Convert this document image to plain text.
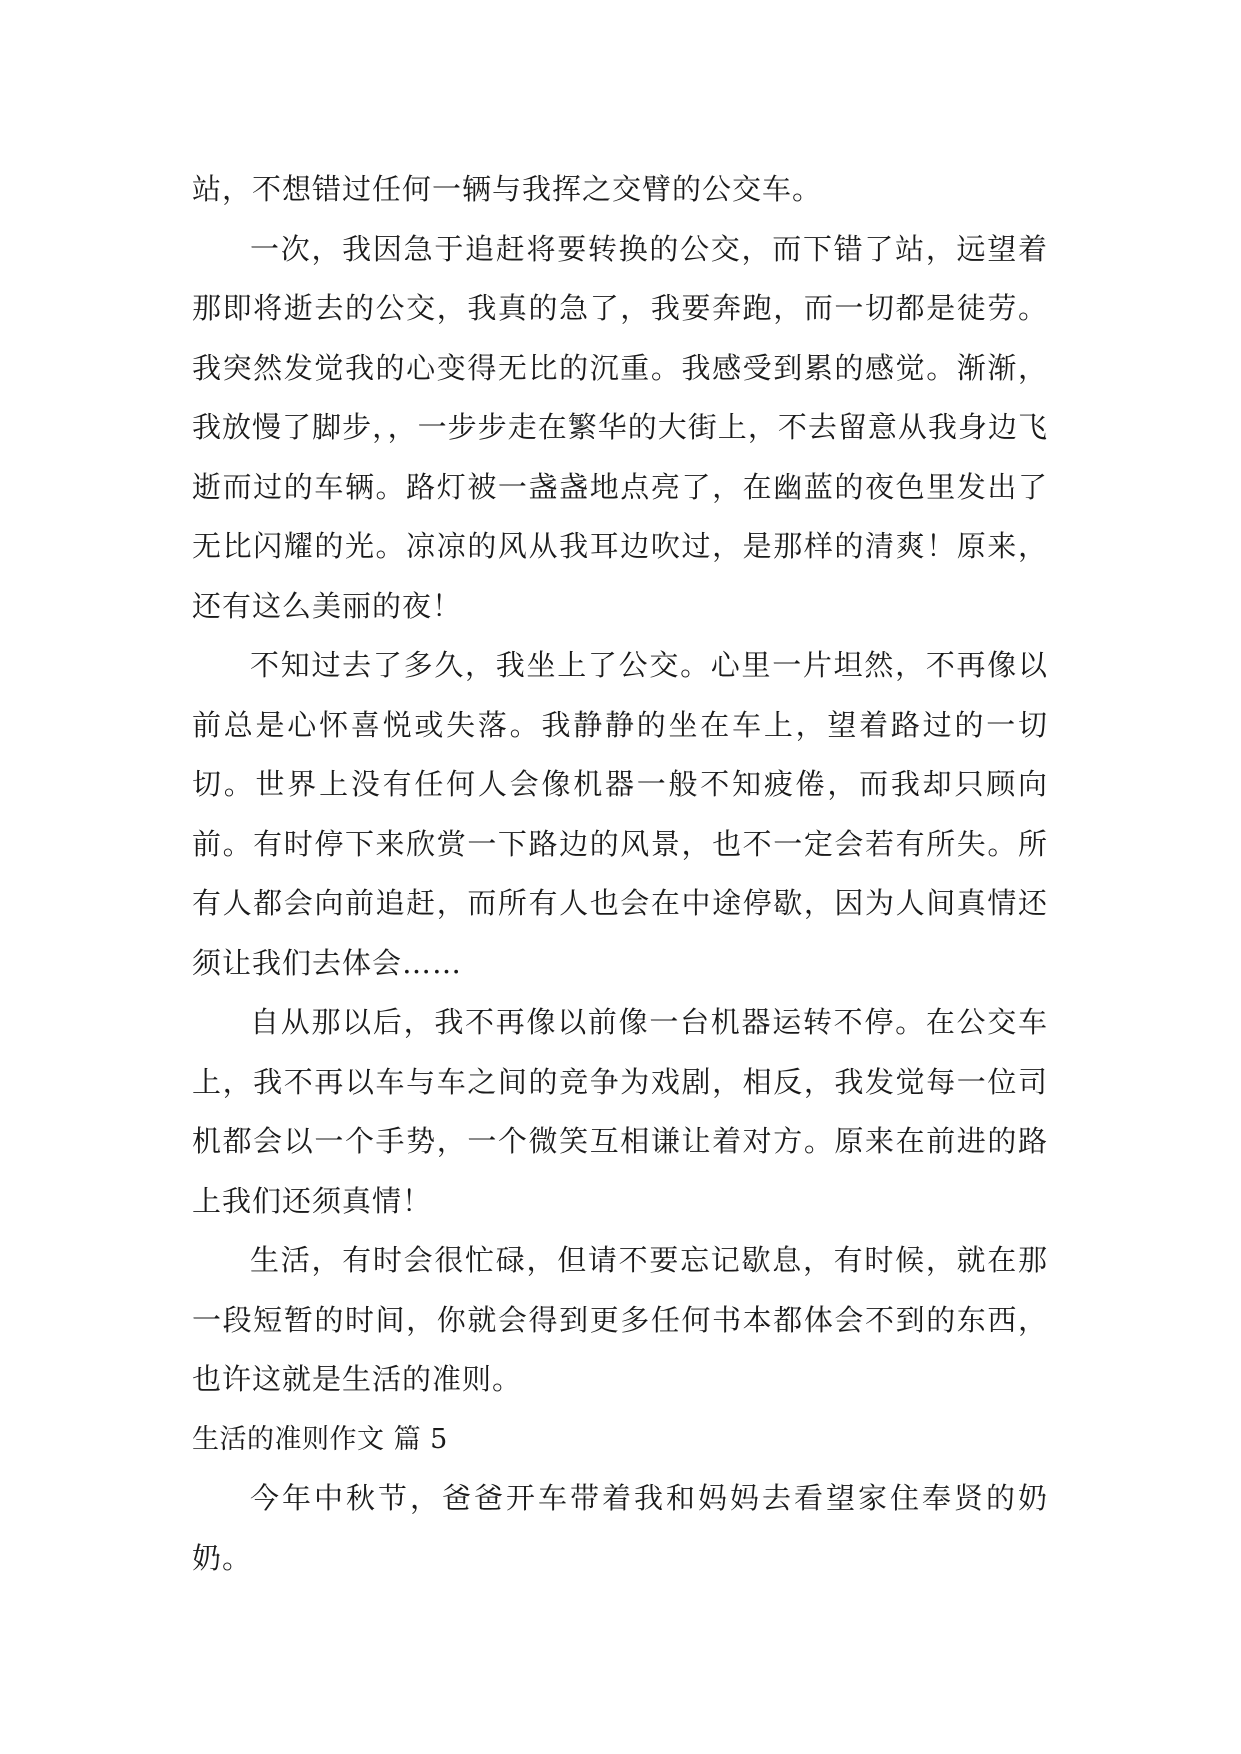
站，不想错过任何一辆与我挥之交臂的公交车。

一次，我因急于追赶将要转换的公交，而下错了站，远望着那即将逝去的公交，我真的急了，我要奔跑，而一切都是徒劳。我突然发觉我的心变得无比的沉重。我感受到累的感觉。渐渐，我放慢了脚步，，一步步走在繁华的大街上，不去留意从我身边飞逝而过的车辆。路灯被一盏盏地点亮了，在幽蓝的夜色里发出了无比闪耀的光。凉凉的风从我耳边吹过，是那样的清爽！原来，还有这么美丽的夜！

不知过去了多久，我坐上了公交。心里一片坦然，不再像以前总是心怀喜悦或失落。我静静的坐在车上，望着路过的一切切。世界上没有任何人会像机器一般不知疲倦，而我却只顾向前。有时停下来欣赏一下路边的风景，也不一定会若有所失。所有人都会向前追赶，而所有人也会在中途停歇，因为人间真情还须让我们去体会……

自从那以后，我不再像以前像一台机器运转不停。在公交车上，我不再以车与车之间的竞争为戏剧，相反，我发觉每一位司机都会以一个手势，一个微笑互相谦让着对方。原来在前进的路上我们还须真情！

生活，有时会很忙碌，但请不要忘记歇息，有时候，就在那一段短暂的时间，你就会得到更多任何书本都体会不到的东西，也许这就是生活的准则。

生活的准则作文 篇 5

今年中秋节，爸爸开车带着我和妈妈去看望家住奉贤的奶奶。
